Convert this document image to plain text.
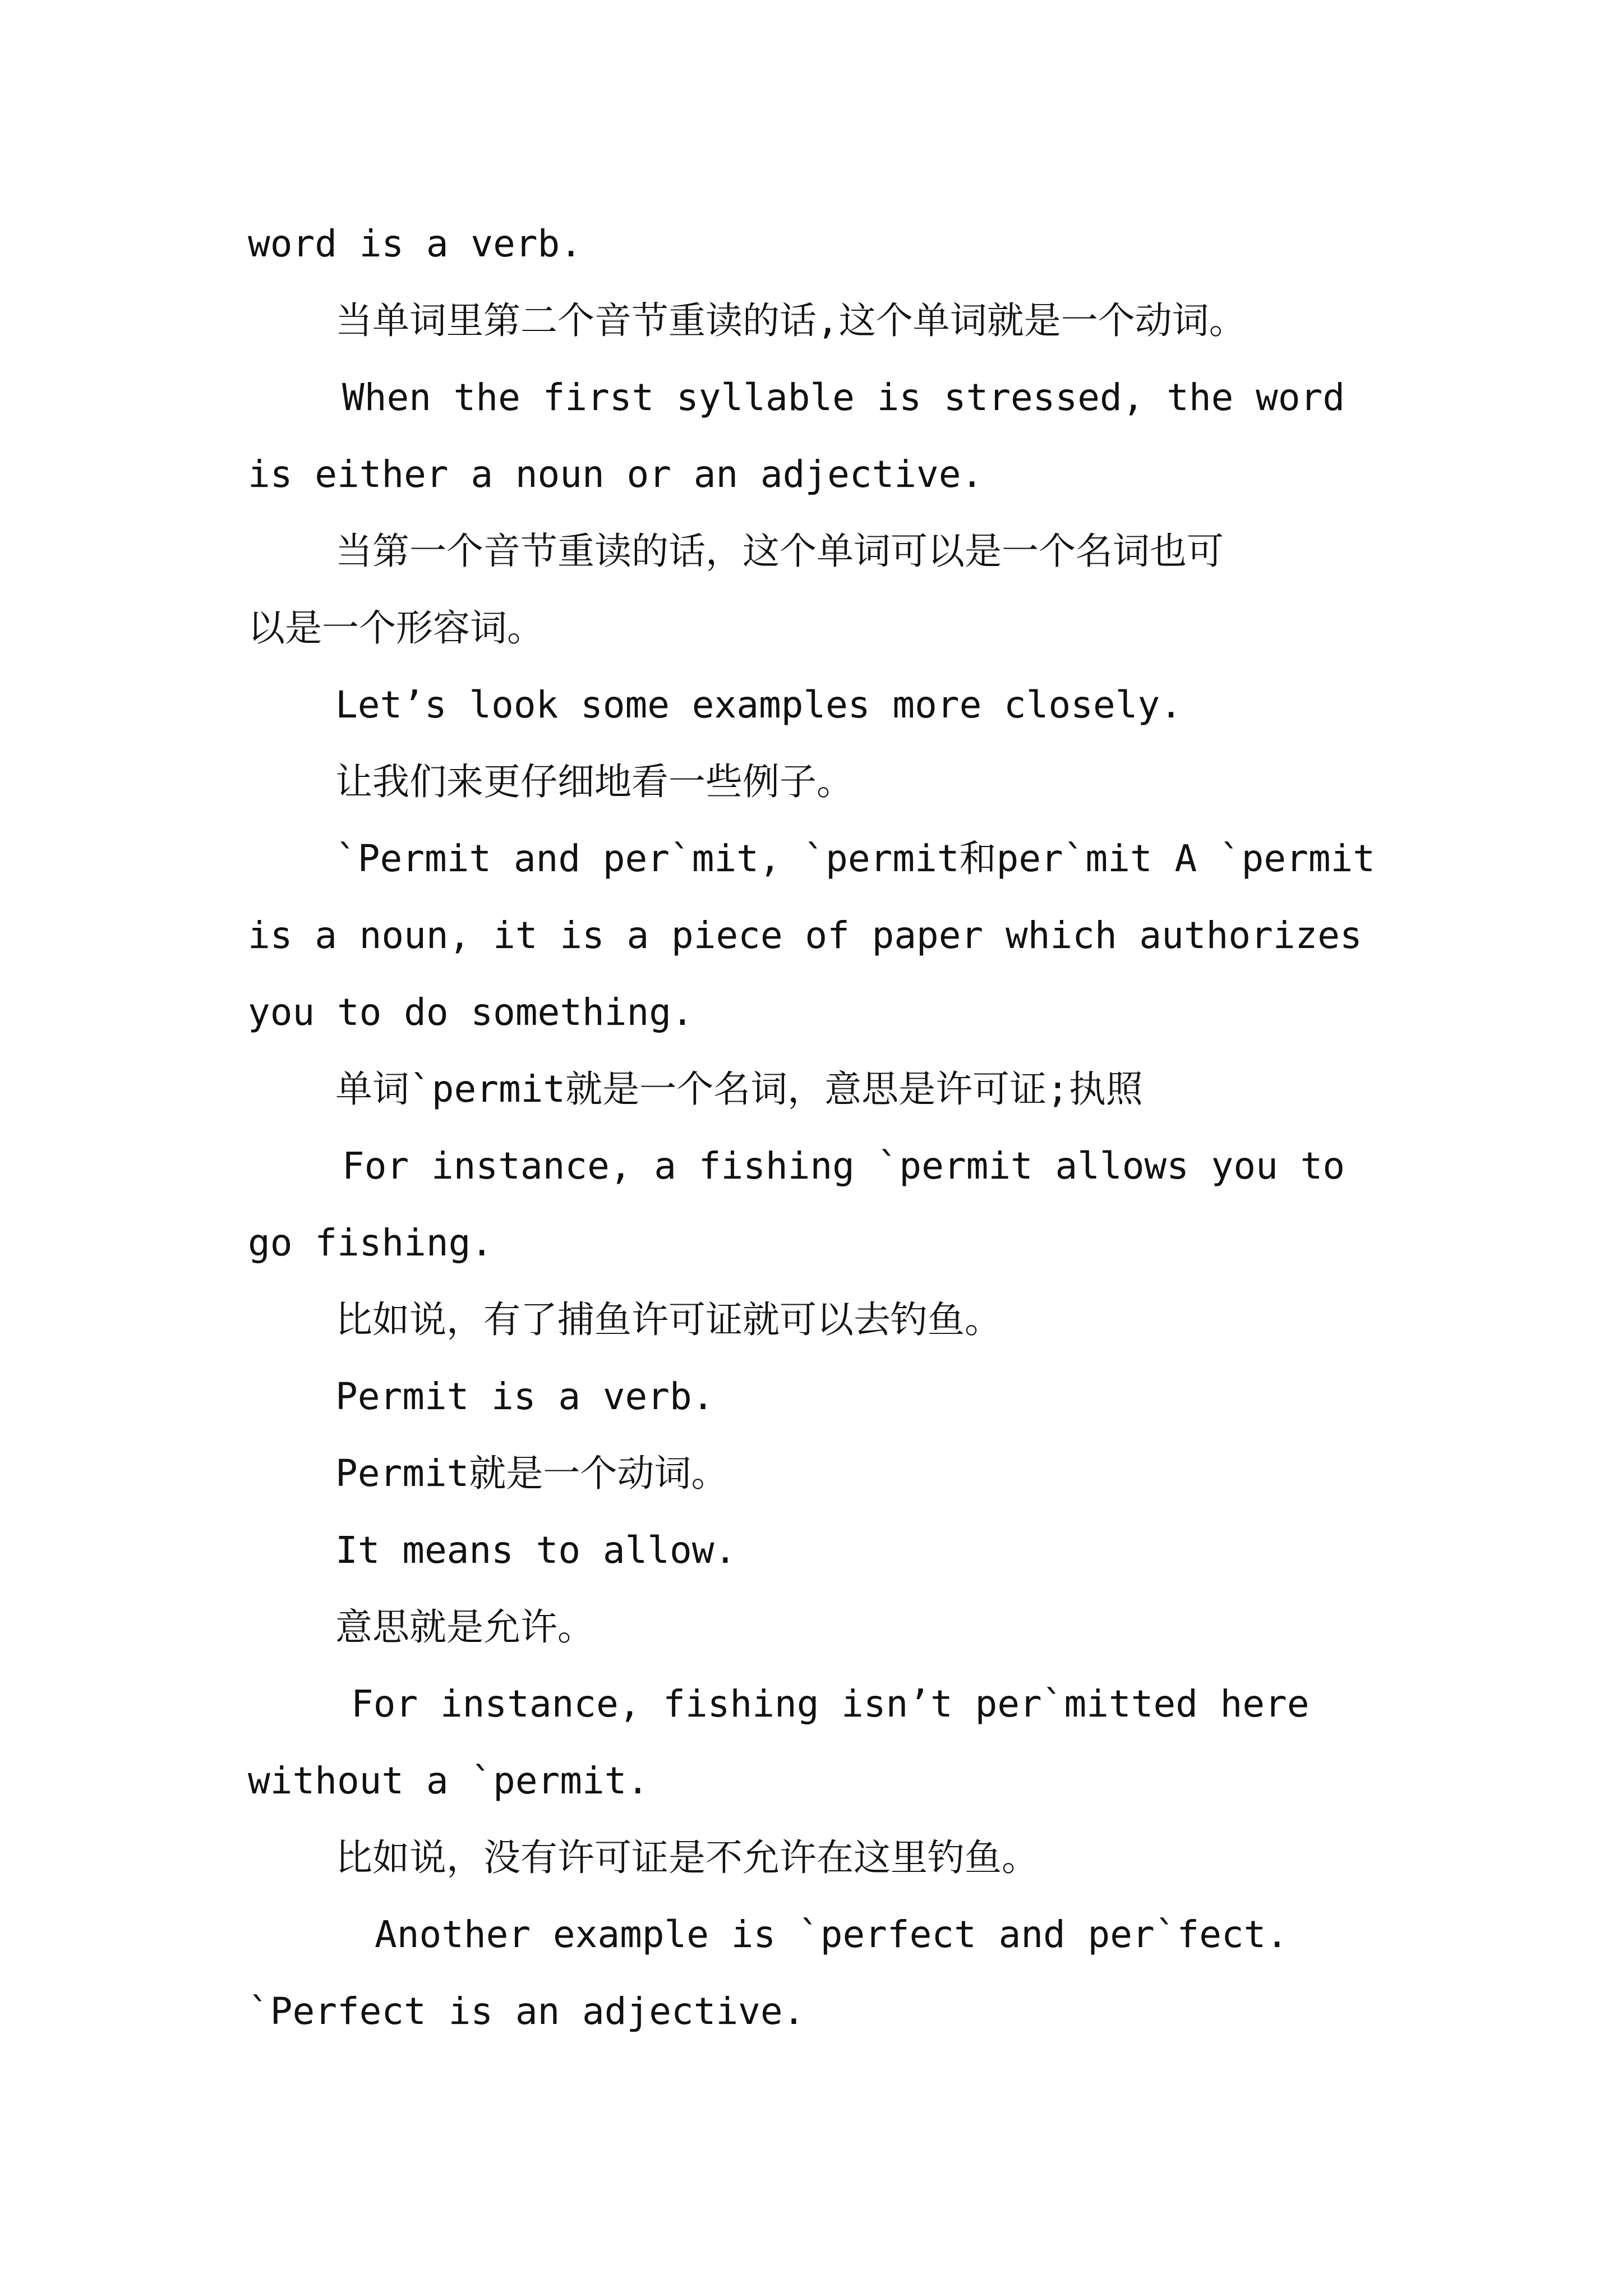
word is a verb.
当单词里第二个音节重读的话,这个单词就是一个动词。
When the first syllable is stressed, the word
is either a noun or an adjective.
当第一个音节重读的话，这个单词可以是一个名词也可
以是一个形容词。
Let’s look some examples more closely.
让我们来更仔细地看一些例子。
`Permit and per`mit, `permit和per`mit A `permit
is a noun, it is a piece of paper which authorizes
you to do something.
单词`permit就是一个名词，意思是许可证;执照
For instance, a fishing `permit allows you to
go fishing.
比如说，有了捕鱼许可证就可以去钓鱼。
Permit is a verb.
Permit就是一个动词。
It means to allow.
意思就是允许。
For instance, fishing isn’t per`mitted here
without a `permit.
比如说，没有许可证是不允许在这里钓鱼。
Another example is `perfect and per`fect.
`Perfect is an adjective.
